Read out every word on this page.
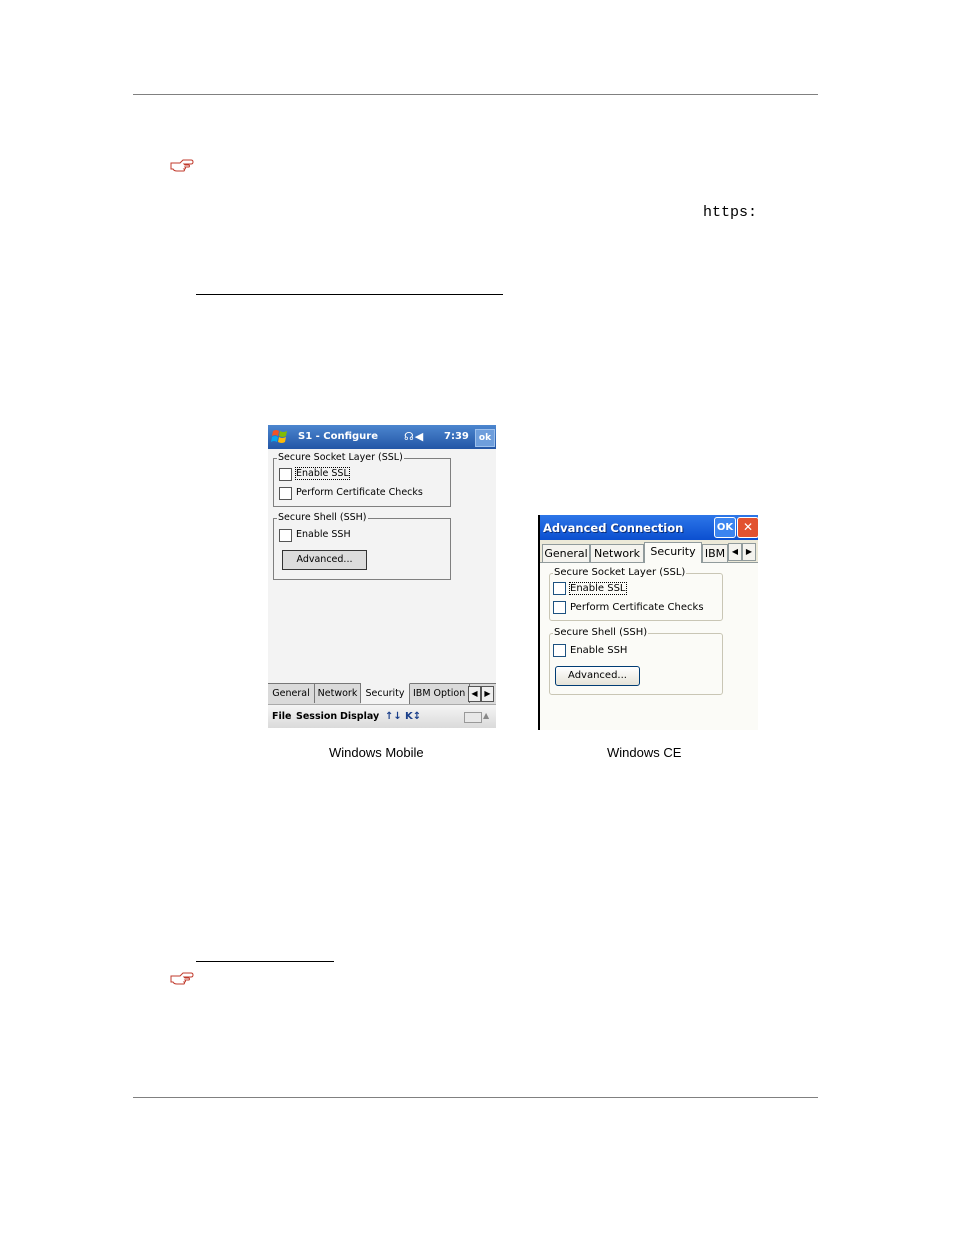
https:
S1 - Configure ☊◀ 7:39	ok
Secure Socket Layer (SSL)
Enable SSL
Perform Certificate Checks
Secure Shell (SSH)
Enable SSH
Advanced...
General Network Security IBM Option ◀ ▶
File Session Display ↑↓ K↕	▲
Advanced Connection	OK ✕
General Network Security IBM ◀ ▶
Secure Socket Layer (SSL)
Enable SSL
Perform Certificate Checks
Secure Shell (SSH)
Enable SSH
Advanced...
Windows Mobile	Windows CE
